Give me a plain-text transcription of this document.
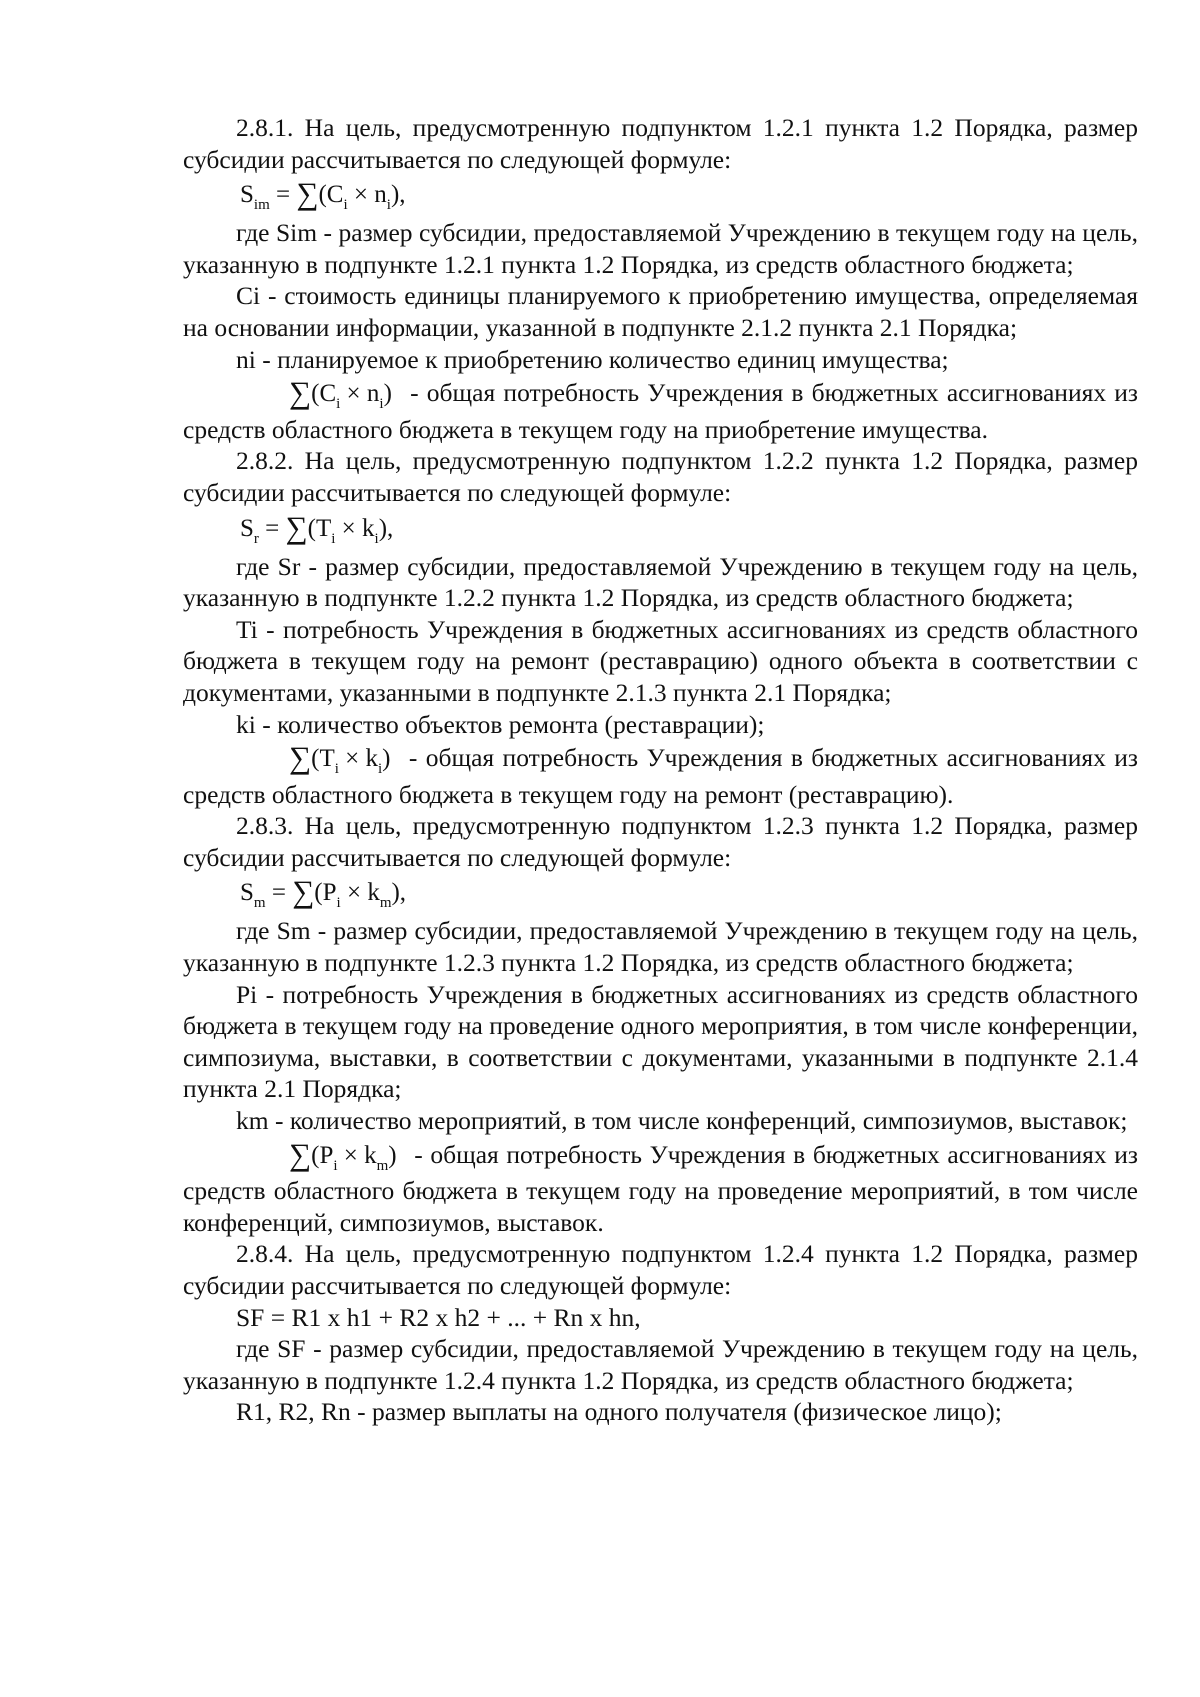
2.8.1. На цель, предусмотренную подпунктом 1.2.1 пункта 1.2 Порядка, размер субсидии рассчитывается по следующей формуле:

$S_{im} = \sum(C_i \times n_i)$,

где Sim - размер субсидии, предоставляемой Учреждению в текущем году на цель, указанную в подпункте 1.2.1 пункта 1.2 Порядка, из средств областного бюджета;

Ci - стоимость единицы планируемого к приобретению имущества, определяемая на основании информации, указанной в подпункте 2.1.2 пункта 2.1 Порядка;

ni - планируемое к приобретению количество единиц имущества;

$\sum(C_i \times n_i)$ - общая потребность Учреждения в бюджетных ассигнованиях из средств областного бюджета в текущем году на приобретение имущества.

2.8.2. На цель, предусмотренную подпунктом 1.2.2 пункта 1.2 Порядка, размер субсидии рассчитывается по следующей формуле:

$S_r = \sum(T_i \times k_i)$,

где Sr - размер субсидии, предоставляемой Учреждению в текущем году на цель, указанную в подпункте 1.2.2 пункта 1.2 Порядка, из средств областного бюджета;

Ti - потребность Учреждения в бюджетных ассигнованиях из средств областного бюджета в текущем году на ремонт (реставрацию) одного объекта в соответствии с документами, указанными в подпункте 2.1.3 пункта 2.1 Порядка;

ki - количество объектов ремонта (реставрации);

$\sum(T_i \times k_i)$ - общая потребность Учреждения в бюджетных ассигнованиях из средств областного бюджета в текущем году на ремонт (реставрацию).

2.8.3. На цель, предусмотренную подпунктом 1.2.3 пункта 1.2 Порядка, размер субсидии рассчитывается по следующей формуле:

$S_m = \sum(P_i \times k_m)$,

где Sm - размер субсидии, предоставляемой Учреждению в текущем году на цель, указанную в подпункте 1.2.3 пункта 1.2 Порядка, из средств областного бюджета;

Pi - потребность Учреждения в бюджетных ассигнованиях из средств областного бюджета в текущем году на проведение одного мероприятия, в том числе конференции, симпозиума, выставки, в соответствии с документами, указанными в подпункте 2.1.4 пункта 2.1 Порядка;

km - количество мероприятий, в том числе конференций, симпозиумов, выставок;

$\sum(P_i \times k_m)$ - общая потребность Учреждения в бюджетных ассигнованиях из средств областного бюджета в текущем году на проведение мероприятий, в том числе конференций, симпозиумов, выставок.

2.8.4. На цель, предусмотренную подпунктом 1.2.4 пункта 1.2 Порядка, размер субсидии рассчитывается по следующей формуле:

SF = R1 x h1 + R2 x h2 + ... + Rn x hn,

где SF - размер субсидии, предоставляемой Учреждению в текущем году на цель, указанную в подпункте 1.2.4 пункта 1.2 Порядка, из средств областного бюджета;

R1, R2, Rn - размер выплаты на одного получателя (физическое лицо);
